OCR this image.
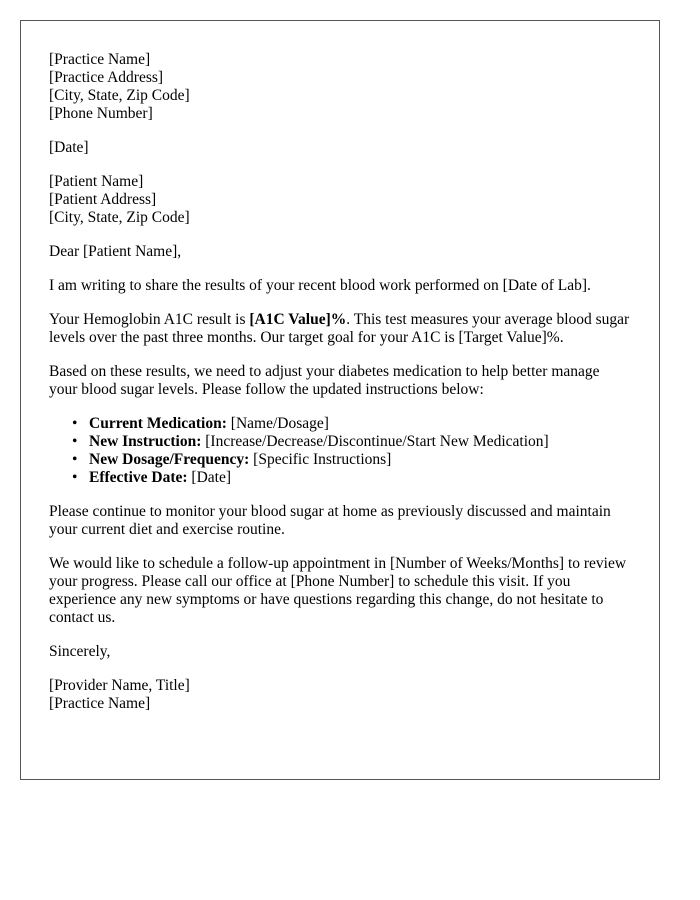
[Practice Name]
[Practice Address]
[City, State, Zip Code]
[Phone Number]
[Date]
[Patient Name]
[Patient Address]
[City, State, Zip Code]

Dear [Patient Name],

I am writing to share the results of your recent blood work performed on [Date of Lab].

Your Hemoglobin A1C result is [A1C Value]%. This test measures your average blood sugar levels over the past three months. Our target goal for your A1C is [Target Value]%.

Based on these results, we need to adjust your diabetes medication to help better manage your blood sugar levels. Please follow the updated instructions below:

• Current Medication: [Name/Dosage]
• New Instruction: [Increase/Decrease/Discontinue/Start New Medication]
• New Dosage/Frequency: [Specific Instructions]
• Effective Date: [Date]

Please continue to monitor your blood sugar at home as previously discussed and maintain your current diet and exercise routine.

We would like to schedule a follow-up appointment in [Number of Weeks/Months] to review your progress. Please call our office at [Phone Number] to schedule this visit. If you experience any new symptoms or have questions regarding this change, do not hesitate to contact us.

Sincerely,

[Provider Name, Title]
[Practice Name]
